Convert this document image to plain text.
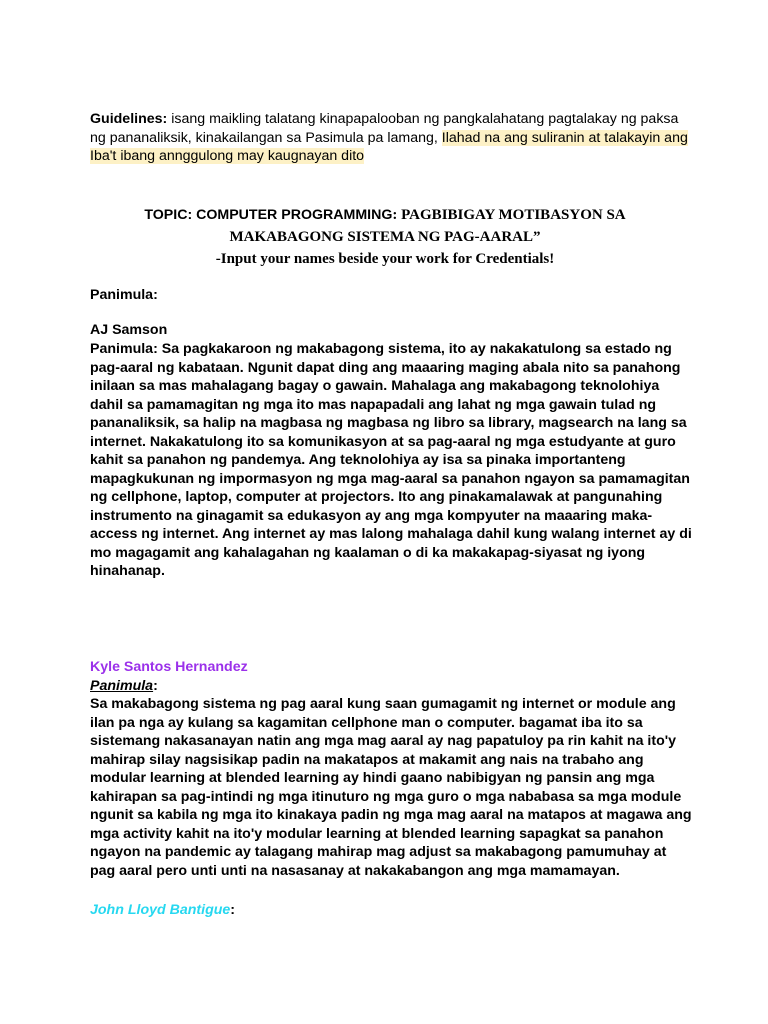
Guidelines: isang maikling talatang kinapapalooban ng pangkalahatang pagtalakay ng paksa
ng pananaliksik, kinakailangan sa Pasimula pa lamang, Ilahad na ang suliranin at talakayin ang
Iba't ibang annggulong may kaugnayan dito
TOPIC: COMPUTER PROGRAMMING: PAGBIBIGAY MOTIBASYON SA
MAKABAGONG SISTEMA NG PAG-AARAL”
-Input your names beside your work for Credentials!
Panimula:
AJ Samson
Panimula: Sa pagkakaroon ng makabagong sistema, ito ay nakakatulong sa estado ng
pag-aaral ng kabataan. Ngunit dapat ding ang maaaring maging abala nito sa panahong
inilaan sa mas mahalagang bagay o gawain. Mahalaga ang makabagong teknolohiya
dahil sa pamamagitan ng mga ito mas napapadali ang lahat ng mga gawain tulad ng
pananaliksik, sa halip na magbasa ng magbasa ng libro sa library, magsearch na lang sa
internet. Nakakatulong ito sa komunikasyon at sa pag-aaral ng mga estudyante at guro
kahit sa panahon ng pandemya. Ang teknolohiya ay isa sa pinaka importanteng
mapagkukunan ng impormasyon ng mga mag-aaral sa panahon ngayon sa pamamagitan
ng cellphone, laptop, computer at projectors. Ito ang pinakamalawak at pangunahing
instrumento na ginagamit sa edukasyon ay ang mga kompyuter na maaaring maka-
access ng internet. Ang internet ay mas lalong mahalaga dahil kung walang internet ay di
mo magagamit ang kahalagahan ng kaalaman o di ka makakapag-siyasat ng iyong
hinahanap.
Kyle Santos Hernandez
Panimula:
Sa makabagong sistema ng pag aaral kung saan gumagamit ng internet or module ang
ilan pa nga ay kulang sa kagamitan cellphone man o computer. bagamat iba ito sa
sistemang nakasanayan natin ang mga mag aaral ay nag papatuloy pa rin kahit na ito'y
mahirap silay nagsisikap padin na makatapos at makamit ang nais na trabaho ang
modular learning at blended learning ay hindi gaano nabibigyan ng pansin ang mga
kahirapan sa pag-intindi ng mga itinuturo ng mga guro o mga nababasa sa mga module
ngunit sa kabila ng mga ito kinakaya padin ng mga mag aaral na matapos at magawa ang
mga activity kahit na ito'y modular learning at blended learning sapagkat sa panahon
ngayon na pandemic ay talagang mahirap mag adjust sa makabagong pamumuhay at
pag aaral pero unti unti na nasasanay at nakakabangon ang mga mamamayan.
John Lloyd Bantigue:
